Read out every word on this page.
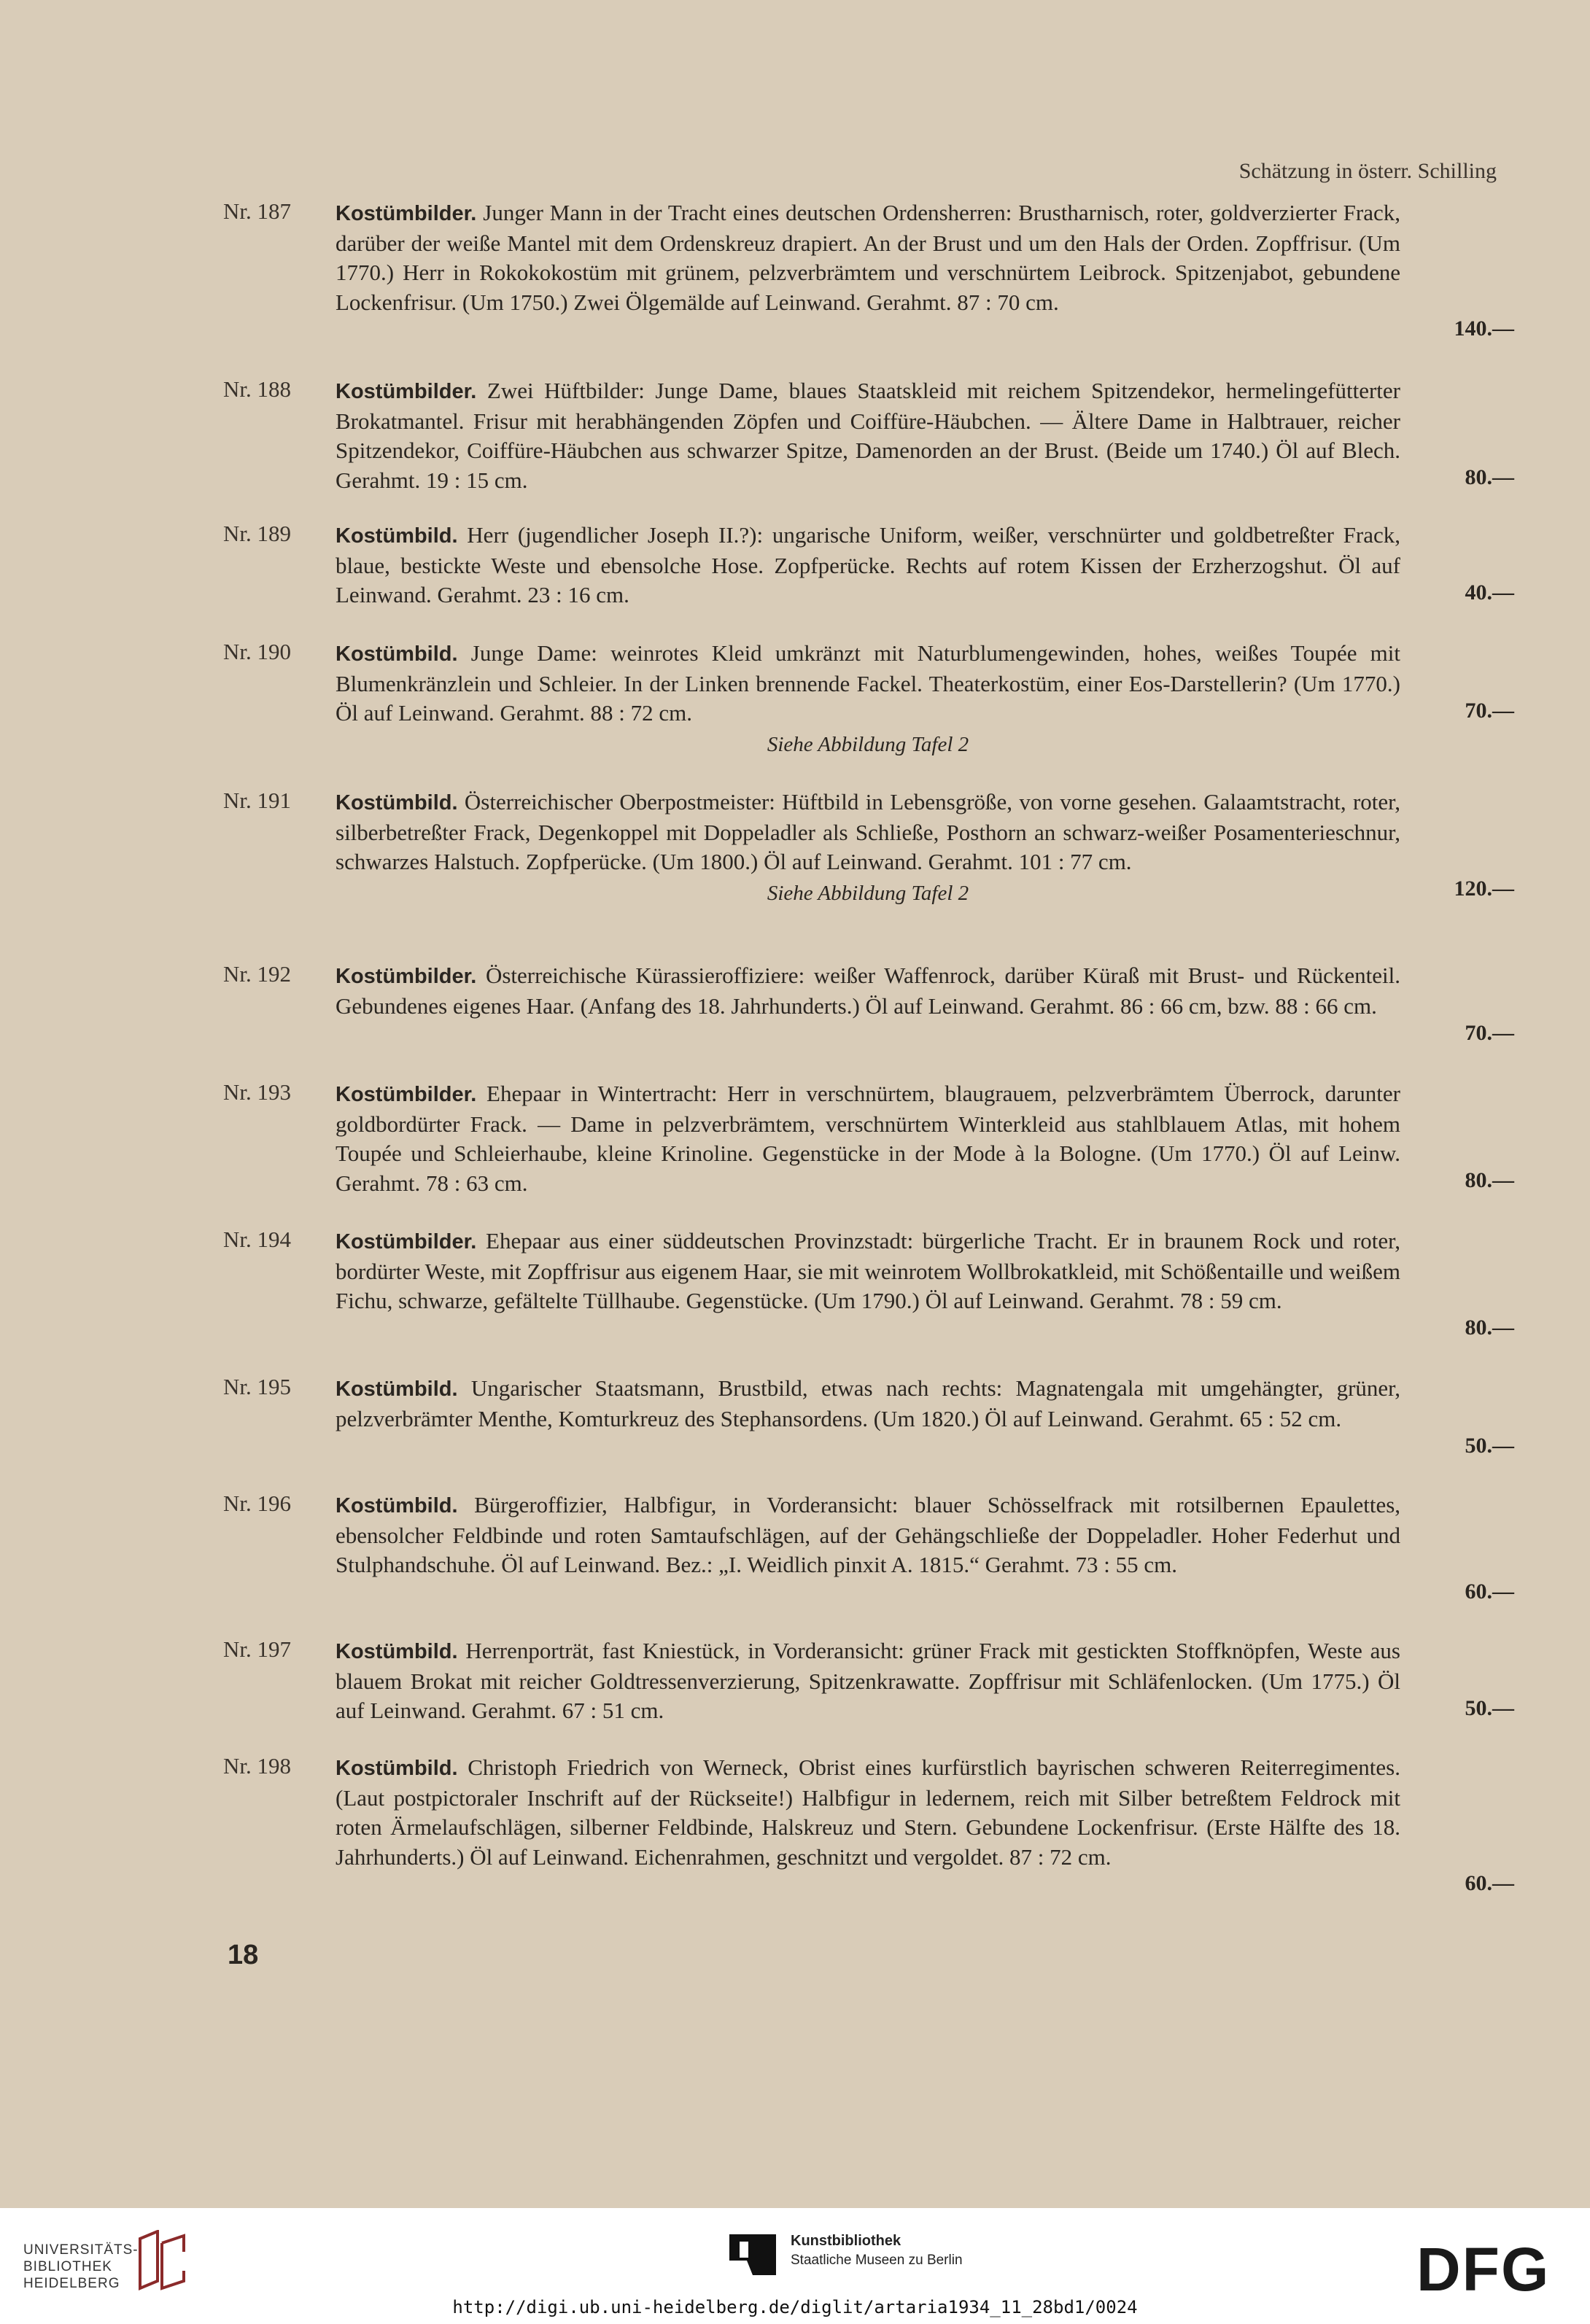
Schätzung in österr. Schilling
Nr. 187	Kostümbilder. Junger Mann in der Tracht eines deutschen Ordensherren: Brustharnisch, roter, goldverzierter Frack, darüber der weiße Mantel mit dem Ordenskreuz drapiert. An der Brust und um den Hals der Orden. Zopffrisur. (Um 1770.) Herr in Rokokokostüm mit grünem, pelzverbrämtem und verschnürtem Leibrock. Spitzenjabot, gebundene Lockenfrisur. (Um 1750.) Zwei Ölgemälde auf Leinwand. Gerahmt. 87 : 70 cm.
140.—
Nr. 188	Kostümbilder. Zwei Hüftbilder: Junge Dame, blaues Staatskleid mit reichem Spitzendekor, hermelingefütterter Brokatmantel. Frisur mit herabhängenden Zöpfen und Coiffüre-Häubchen. — Ältere Dame in Halbtrauer, reicher Spitzendekor, Coiffüre-Häubchen aus schwarzer Spitze, Damenorden an der Brust. (Beide um 1740.) Öl auf Blech. Gerahmt. 19 : 15 cm.	80.—
Nr. 189	Kostümbild. Herr (jugendlicher Joseph II.?): ungarische Uniform, weißer, verschnürter und goldbetreßter Frack, blaue, bestickte Weste und ebensolche Hose. Zopfperücke. Rechts auf rotem Kissen der Erzherzogshut. Öl auf Leinwand. Gerahmt. 23 : 16 cm.	40.—
Nr. 190	Kostümbild. Junge Dame: weinrotes Kleid umkränzt mit Naturblumengewinden, hohes, weißes Toupée mit Blumenkränzlein und Schleier. In der Linken brennende Fackel. Theaterkostüm, einer Eos-Darstellerin? (Um 1770.) Öl auf Leinwand. Gerahmt. 88 : 72 cm.
Siehe Abbildung Tafel 2
70.—
Nr. 191	Kostümbild. Österreichischer Oberpostmeister: Hüftbild in Lebensgröße, von vorne gesehen. Galaamtstracht, roter, silberbetreßter Frack, Degenkoppel mit Doppeladler als Schließe, Posthorn an schwarz-weißer Posamenterieschnur, schwarzes Halstuch. Zopfperücke. (Um 1800.) Öl auf Leinwand. Gerahmt. 101 : 77 cm.
Siehe Abbildung Tafel 2	120.—
Nr. 192	Kostümbilder. Österreichische Kürassieroffiziere: weißer Waffenrock, darüber Küraß mit Brust- und Rückenteil. Gebundenes eigenes Haar. (Anfang des 18. Jahrhunderts.) Öl auf Leinwand. Gerahmt. 86 : 66 cm, bzw. 88 : 66 cm.
70.—
Nr. 193	Kostümbilder. Ehepaar in Wintertracht: Herr in verschnürtem, blaugrauem, pelzverbrämtem Überrock, darunter goldbordürter Frack. — Dame in pelzverbrämtem, verschnürtem Winterkleid aus stahlblauem Atlas, mit hohem Toupée und Schleierhaube, kleine Krinoline. Gegenstücke in der Mode à la Bologne. (Um 1770.) Öl auf Leinw. Gerahmt. 78 : 63 cm.	80.—
Nr. 194	Kostümbilder. Ehepaar aus einer süddeutschen Provinzstadt: bürgerliche Tracht. Er in braunem Rock und roter, bordürter Weste, mit Zopffrisur aus eigenem Haar, sie mit weinrotem Wollbrokatkleid, mit Schößentaille und weißem Fichu, schwarze, gefältelte Tüllhaube. Gegenstücke. (Um 1790.) Öl auf Leinwand. Gerahmt. 78 : 59 cm.
80.—
Nr. 195	Kostümbild. Ungarischer Staatsmann, Brustbild, etwas nach rechts: Magnatengala mit umgehängter, grüner, pelzverbrämter Menthe, Komturkreuz des Stephansordens. (Um 1820.) Öl auf Leinwand. Gerahmt. 65 : 52 cm.
50.—
Nr. 196	Kostümbild. Bürgeroffizier, Halbfigur, in Vorderansicht: blauer Schösselfrack mit rotsilbernen Epaulettes, ebensolcher Feldbinde und roten Samtaufschlägen, auf der Gehängschließe der Doppeladler. Hoher Federhut und Stulphandschuhe. Öl auf Leinwand. Bez.: „I. Weidlich pinxit A. 1815.“ Gerahmt. 73 : 55 cm.
60.—
Nr. 197	Kostümbild. Herrenporträt, fast Kniestück, in Vorderansicht: grüner Frack mit gestickten Stoffknöpfen, Weste aus blauem Brokat mit reicher Goldtressenverzierung, Spitzenkrawatte. Zopffrisur mit Schläfenlocken. (Um 1775.) Öl auf Leinwand. Gerahmt. 67 : 51 cm.	50.—
Nr. 198	Kostümbild. Christoph Friedrich von Werneck, Obrist eines kurfürstlich bayrischen schweren Reiterregimentes. (Laut postpictoraler Inschrift auf der Rückseite!) Halbfigur in ledernem, reich mit Silber betreßtem Feldrock mit roten Ärmelaufschlägen, silberner Feldbinde, Halskreuz und Stern. Gebundene Lockenfrisur. (Erste Hälfte des 18. Jahrhunderts.) Öl auf Leinwand. Eichenrahmen, geschnitzt und vergoldet. 87 : 72 cm.
60.—
18
UNIVERSITÄTS-
BIBLIOTHEK
HEIDELBERG
Kunstbibliothek
Staatliche Museen zu Berlin	DFG
http://digi.ub.uni-heidelberg.de/diglit/artaria1934_11_28bd1/0024
